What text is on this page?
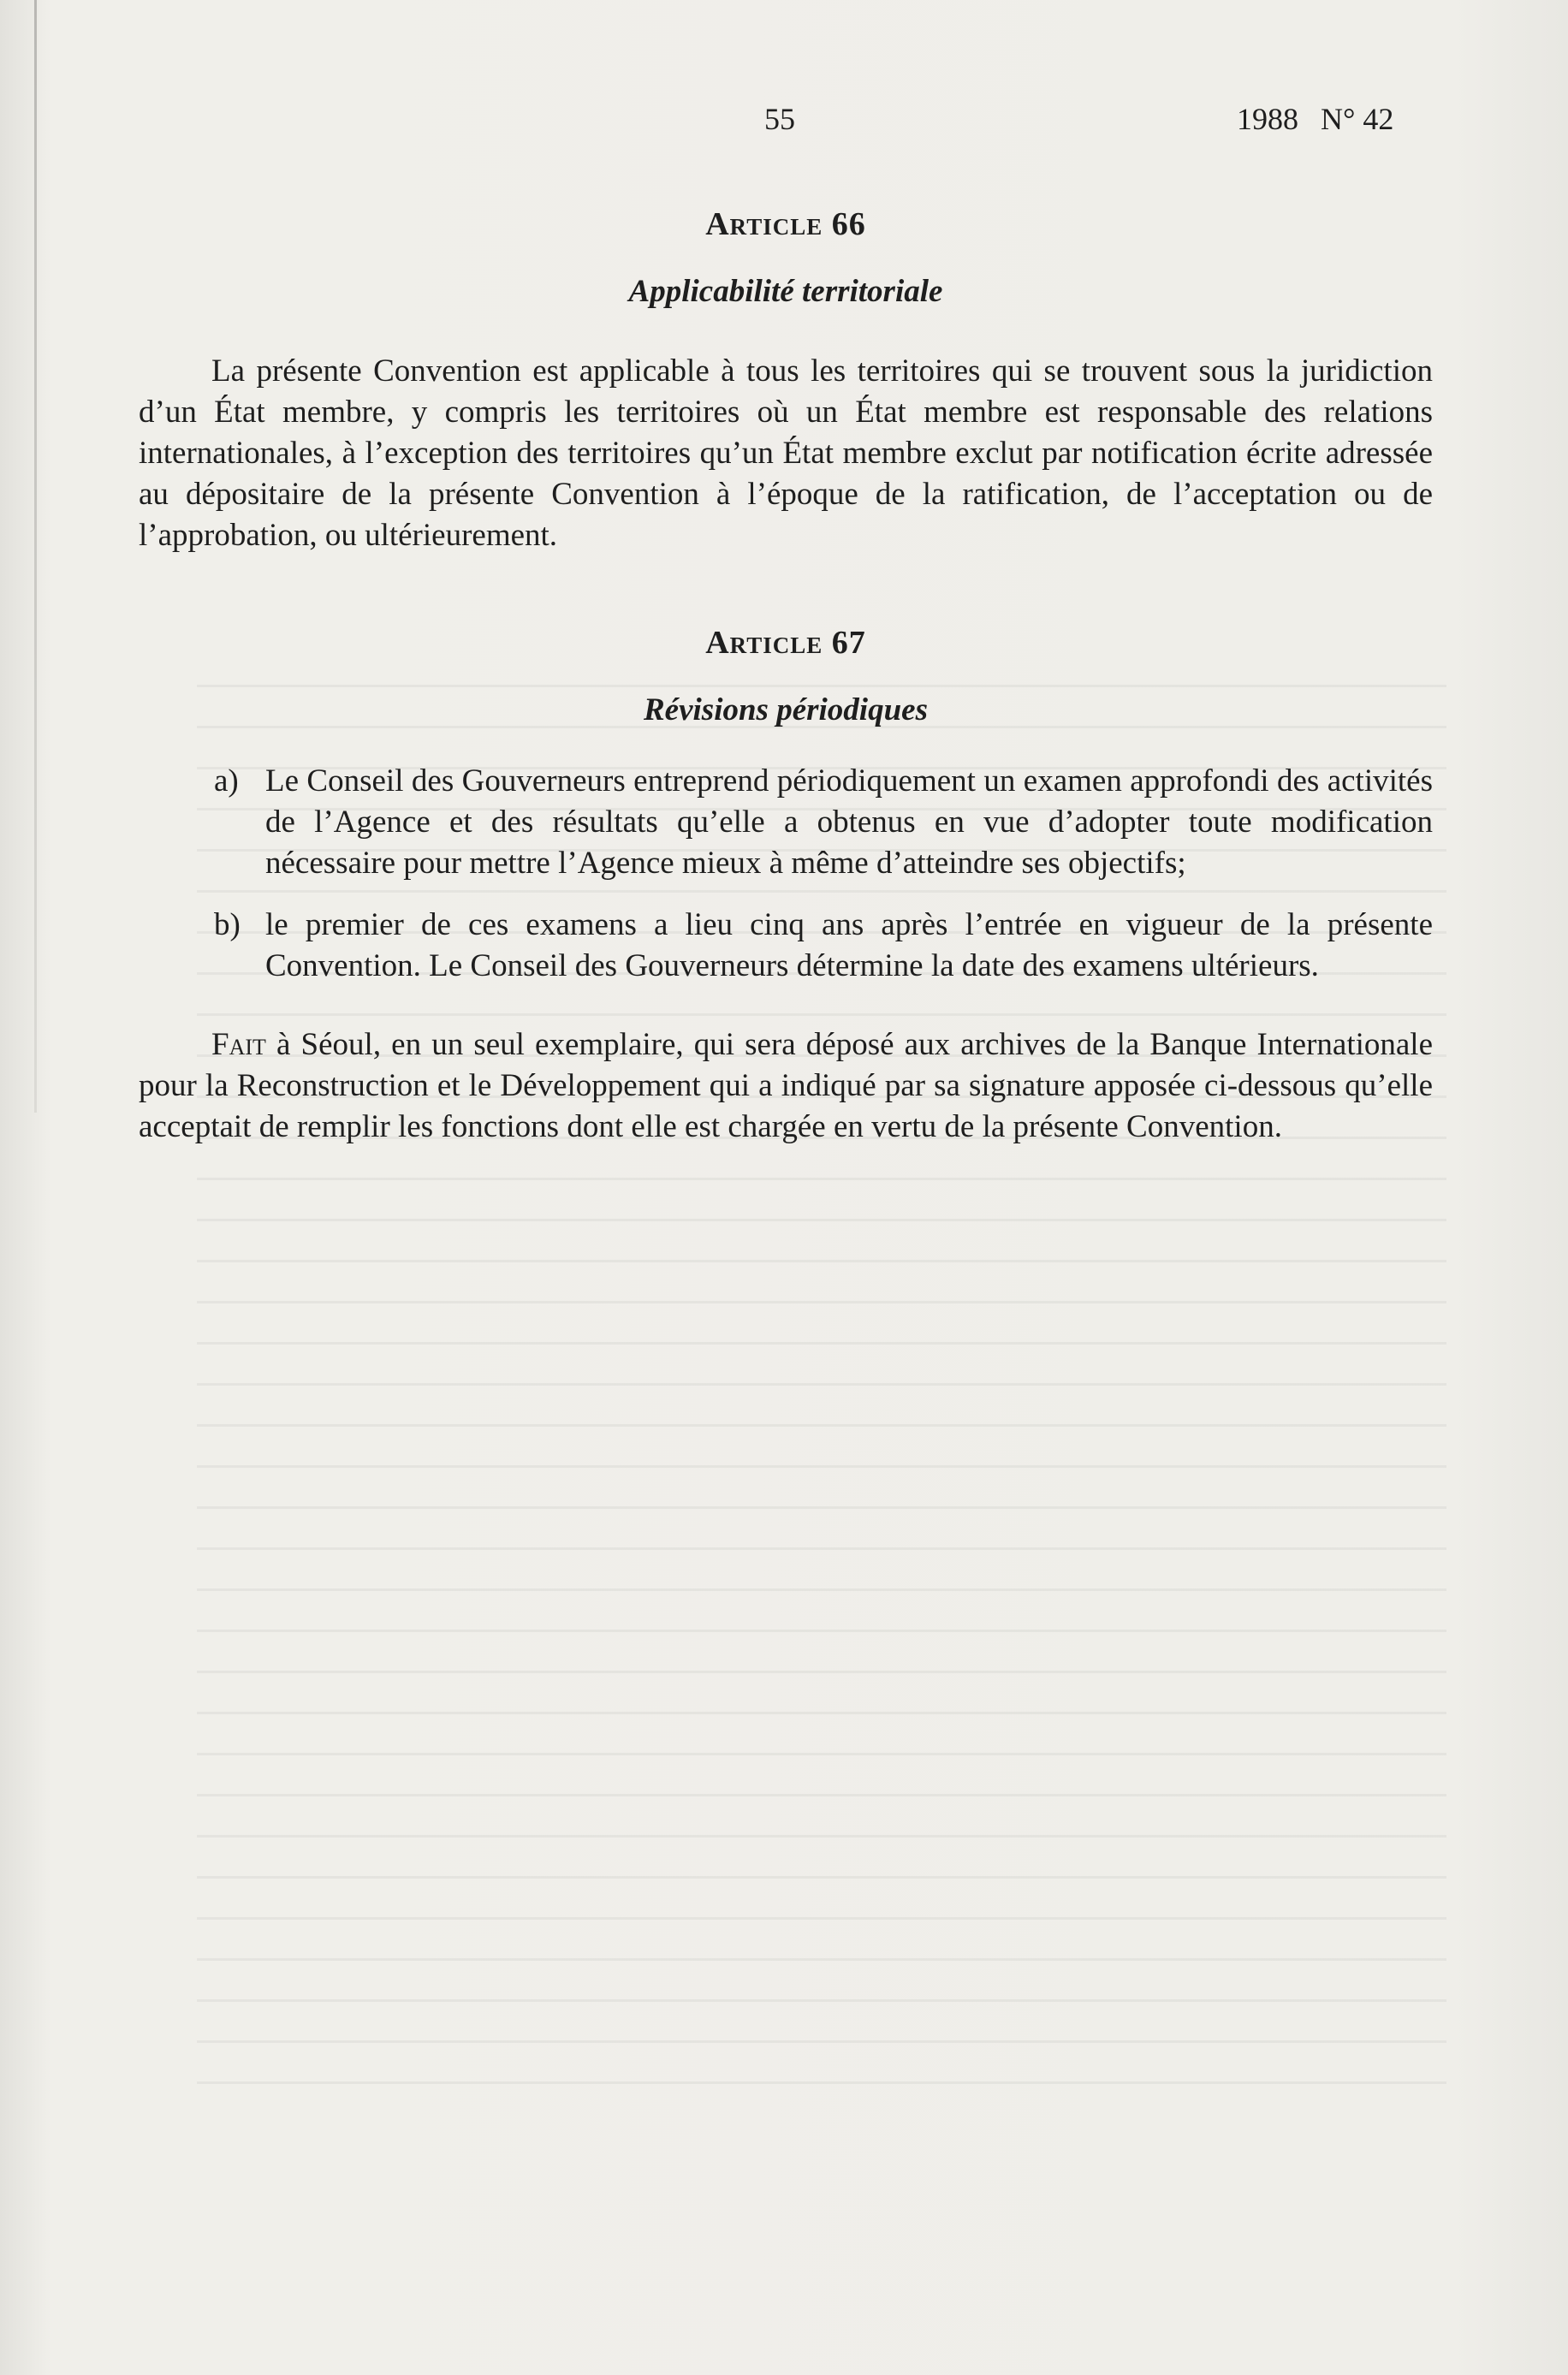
55	1988 N° 42
Article 66
Applicabilité territoriale

La présente Convention est applicable à tous les territoires qui se trouvent sous la juridiction d’un État membre, y compris les territoires où un État membre est responsable des relations internationales, à l’exception des territoires qu’un État membre exclut par notification écrite adressée au dépositaire de la présente Convention à l’époque de la ratification, de l’acceptation ou de l’approbation, ou ultérieurement.

Article 67
Révisions périodiques
a) Le Conseil des Gouverneurs entreprend périodiquement un examen approfondi des activités de l’Agence et des résultats qu’elle a obtenus en vue d’adopter toute modification nécessaire pour mettre l’Agence mieux à même d’atteindre ses objectifs;
b) le premier de ces examens a lieu cinq ans après l’entrée en vigueur de la présente Convention. Le Conseil des Gouverneurs détermine la date des examens ultérieurs.

Fait à Séoul, en un seul exemplaire, qui sera déposé aux archives de la Banque Internationale pour la Reconstruction et le Développement qui a indiqué par sa signature apposée ci-dessous qu’elle acceptait de remplir les fonctions dont elle est chargée en vertu de la présente Convention.
